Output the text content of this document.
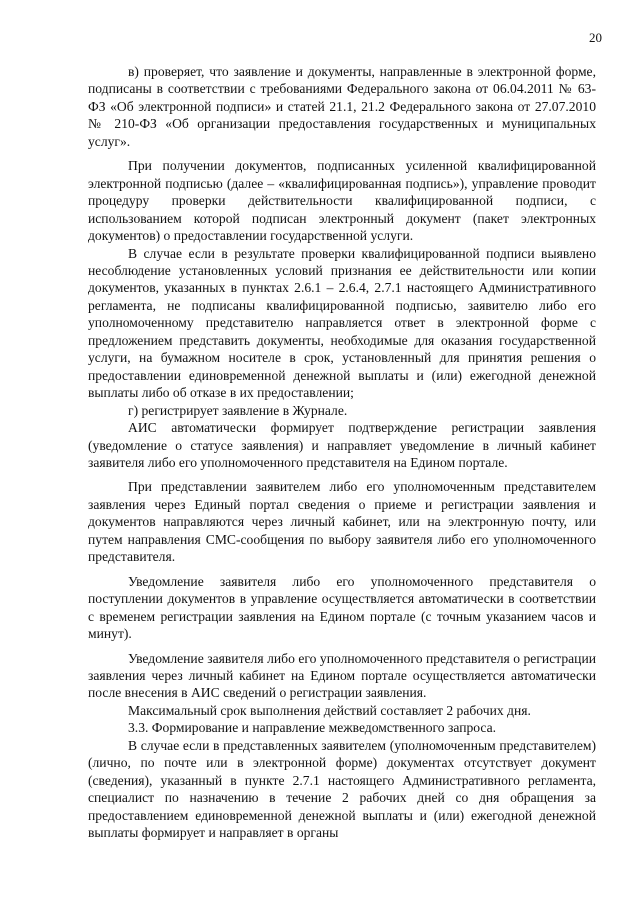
20

в) проверяет, что заявление и документы, направленные в электронной форме, подписаны в соответствии с требованиями Федерального закона от 06.04.2011 № 63-ФЗ «Об электронной подписи» и статей 21.1, 21.2 Федерального закона от 27.07.2010 № 210-ФЗ «Об организации предоставления государственных и муниципальных услуг».

При получении документов, подписанных усиленной квалифицированной электронной подписью (далее – «квалифицированная подпись»), управление проводит процедуру проверки действительности квалифицированной подписи, с использованием которой подписан электронный документ (пакет электронных документов) о предоставлении государственной услуги.

В случае если в результате проверки квалифицированной подписи выявлено несоблюдение установленных условий признания ее действительности или копии документов, указанных в пунктах 2.6.1 – 2.6.4, 2.7.1 настоящего Административного регламента, не подписаны квалифицированной подписью, заявителю либо его уполномоченному представителю направляется ответ в электронной форме с предложением представить документы, необходимые для оказания государственной услуги, на бумажном носителе в срок, установленный для принятия решения о предоставлении единовременной денежной выплаты и (или) ежегодной денежной выплаты либо об отказе в их предоставлении;

г) регистрирует заявление в Журнале.

АИС автоматически формирует подтверждение регистрации заявления (уведомление о статусе заявления) и направляет уведомление в личный кабинет заявителя либо его уполномоченного представителя на Едином портале.

При представлении заявителем либо его уполномоченным представителем заявления через Единый портал сведения о приеме и регистрации заявления и документов направляются через личный кабинет, или на электронную почту, или путем направления СМС-сообщения по выбору заявителя либо его уполномоченного представителя.

Уведомление заявителя либо его уполномоченного представителя о поступлении документов в управление осуществляется автоматически в соответствии с временем регистрации заявления на Едином портале (с точным указанием часов и минут).

Уведомление заявителя либо его уполномоченного представителя о регистрации заявления через личный кабинет на Едином портале осуществляется автоматически после внесения в АИС сведений о регистрации заявления.

Максимальный срок выполнения действий составляет 2 рабочих дня.

3.3. Формирование и направление межведомственного запроса.

В случае если в представленных заявителем (уполномоченным представителем) (лично, по почте или в электронной форме) документах отсутствует документ (сведения), указанный в пункте 2.7.1 настоящего Административного регламента, специалист по назначению в течение 2 рабочих дней со дня обращения за предоставлением единовременной денежной выплаты и (или) ежегодной денежной выплаты формирует и направляет в органы
